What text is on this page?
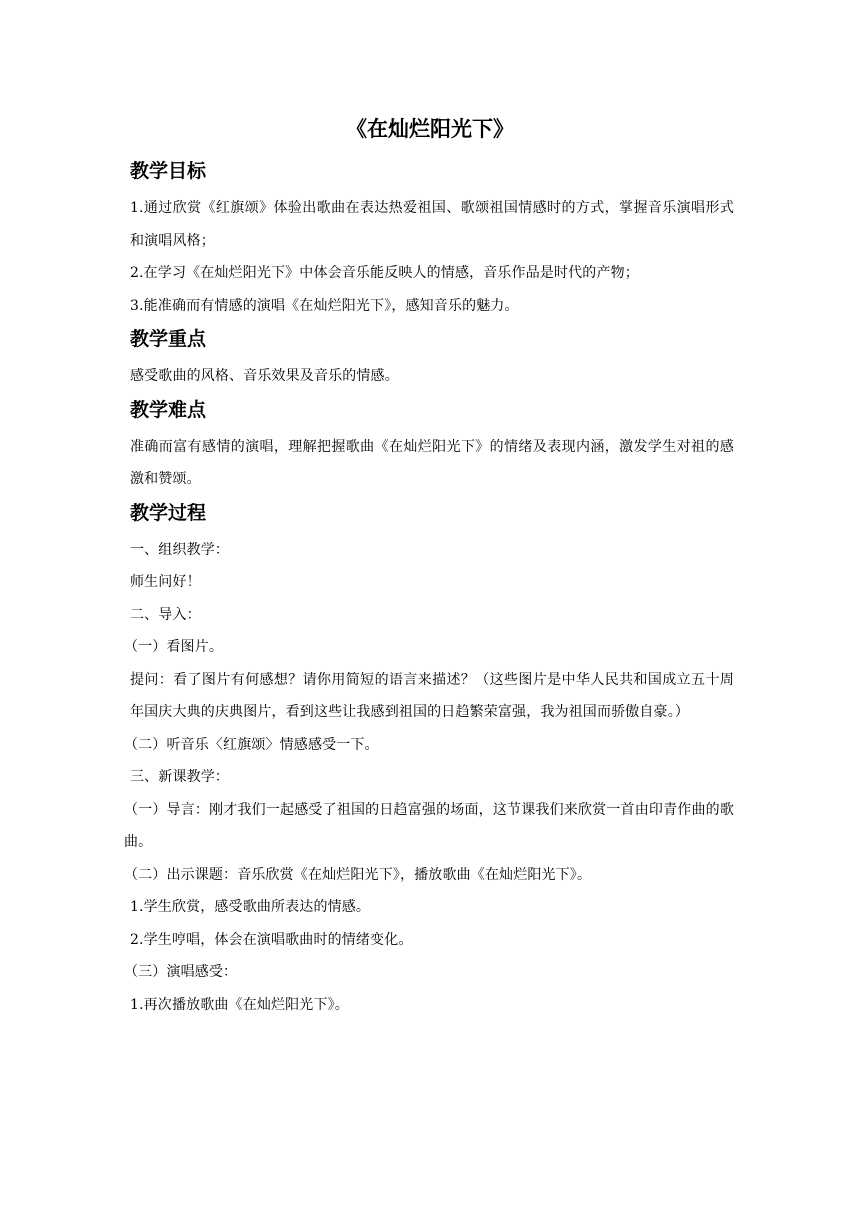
《在灿烂阳光下》
教学目标

1.通过欣赏《红旗颂》体验出歌曲在表达热爱祖国、歌颂祖国情感时的方式，掌握音乐演唱形式和演唱风格；

2.在学习《在灿烂阳光下》中体会音乐能反映人的情感，音乐作品是时代的产物；

3.能准确而有情感的演唱《在灿烂阳光下》，感知音乐的魅力。

教学重点

感受歌曲的风格、音乐效果及音乐的情感。

教学难点

准确而富有感情的演唱，理解把握歌曲《在灿烂阳光下》的情绪及表现内涵，激发学生对祖的感激和赞颂。

教学过程

一、组织教学：

师生问好！

二、导入：

（一）看图片。

提问：看了图片有何感想？请你用简短的语言来描述？（这些图片是中华人民共和国成立五十周年国庆大典的庆典图片，看到这些让我感到祖国的日趋繁荣富强，我为祖国而骄傲自豪。）

（二）听音乐〈红旗颂〉情感感受一下。

三、新课教学：

（一）导言：刚才我们一起感受了祖国的日趋富强的场面，这节课我们来欣赏一首由印青作曲的歌曲。

（二）出示课题：音乐欣赏《在灿烂阳光下》，播放歌曲《在灿烂阳光下》。

1.学生欣赏，感受歌曲所表达的情感。

2.学生哼唱，体会在演唱歌曲时的情绪变化。

（三）演唱感受：

1.再次播放歌曲《在灿烂阳光下》。
